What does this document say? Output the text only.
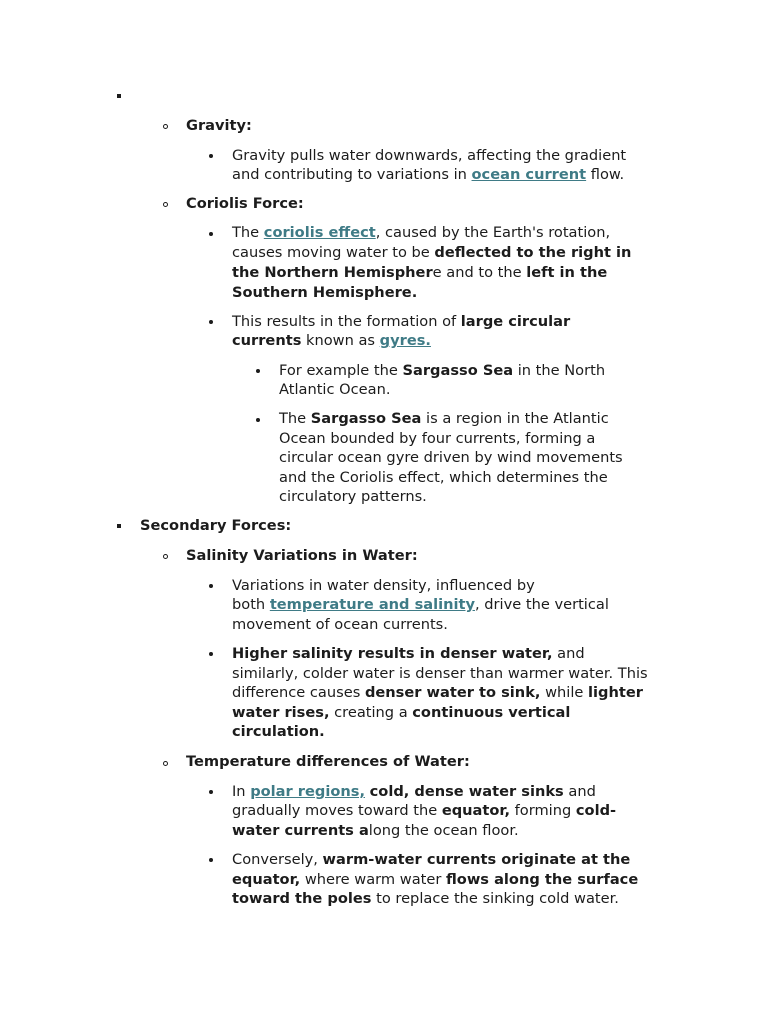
Gravity:
Gravity pulls water downwards, affecting the gradient
and contributing to variations in ocean current flow.
Coriolis Force:
The coriolis effect, caused by the Earth's rotation,
causes moving water to be deflected to the right in
the Northern Hemisphere and to the left in the
Southern Hemisphere.
This results in the formation of large circular
currents known as gyres.
For example the Sargasso Sea in the North
Atlantic Ocean.
The Sargasso Sea is a region in the Atlantic
Ocean bounded by four currents, forming a
circular ocean gyre driven by wind movements
and the Coriolis effect, which determines the
circulatory patterns.
Secondary Forces:
Salinity Variations in Water:
Variations in water density, influenced by
both temperature and salinity, drive the vertical
movement of ocean currents.
Higher salinity results in denser water, and
similarly, colder water is denser than warmer water. This
difference causes denser water to sink, while lighter
water rises, creating a continuous vertical
circulation.
Temperature differences of Water:
In polar regions, cold, dense water sinks and
gradually moves toward the equator, forming cold-
water currents along the ocean floor.
Conversely, warm-water currents originate at the
equator, where warm water flows along the surface
toward the poles to replace the sinking cold water.
